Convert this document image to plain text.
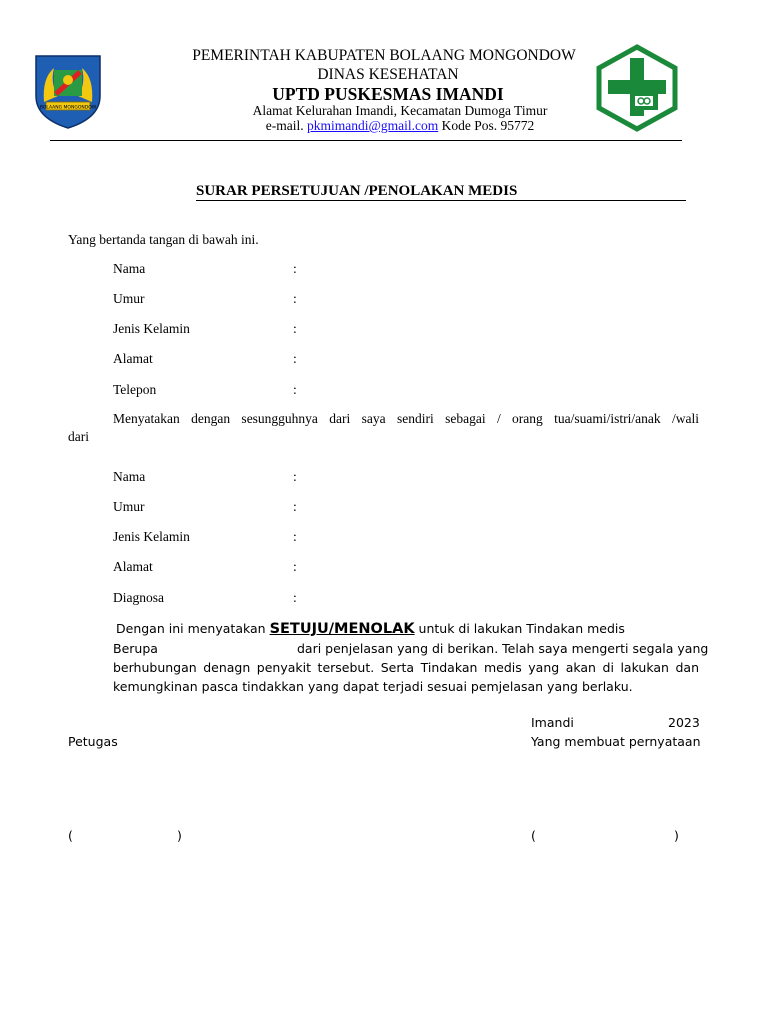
BOLAANG MONGONDOW
PEMERINTAH KABUPATEN BOLAANG MONGONDOW
DINAS KESEHATAN
UPTD PUSKESMAS IMANDI
Alamat Kelurahan Imandi, Kecamatan Dumoga Timur
e-mail. pkmimandi@gmail.com Kode Pos. 95772
SURAR PERSETUJUAN /PENOLAKAN MEDIS
Yang bertanda tangan di bawah ini.
Nama	:
Umur	:
Jenis Kelamin	:
Alamat	:
Telepon	:
Menyatakan dengan sesungguhnya dari saya sendiri sebagai / orang tua/suami/istri/anak /wali
dari
Nama	:
Umur	:
Jenis Kelamin	:
Alamat	:
Diagnosa	:
Dengan ini menyatakan SETUJU/MENOLAK untuk di lakukan Tindakan medis
Berupa	dari penjelasan yang di berikan. Telah saya mengerti segala yang
berhubungan denagn penyakit tersebut. Serta Tindakan medis yang akan di lakukan dan
kemungkinan pasca tindakkan yang dapat terjadi sesuai pemjelasan yang berlaku.
Imandi	2023
Petugas	Yang membuat pernyataan
(	)	(	)
